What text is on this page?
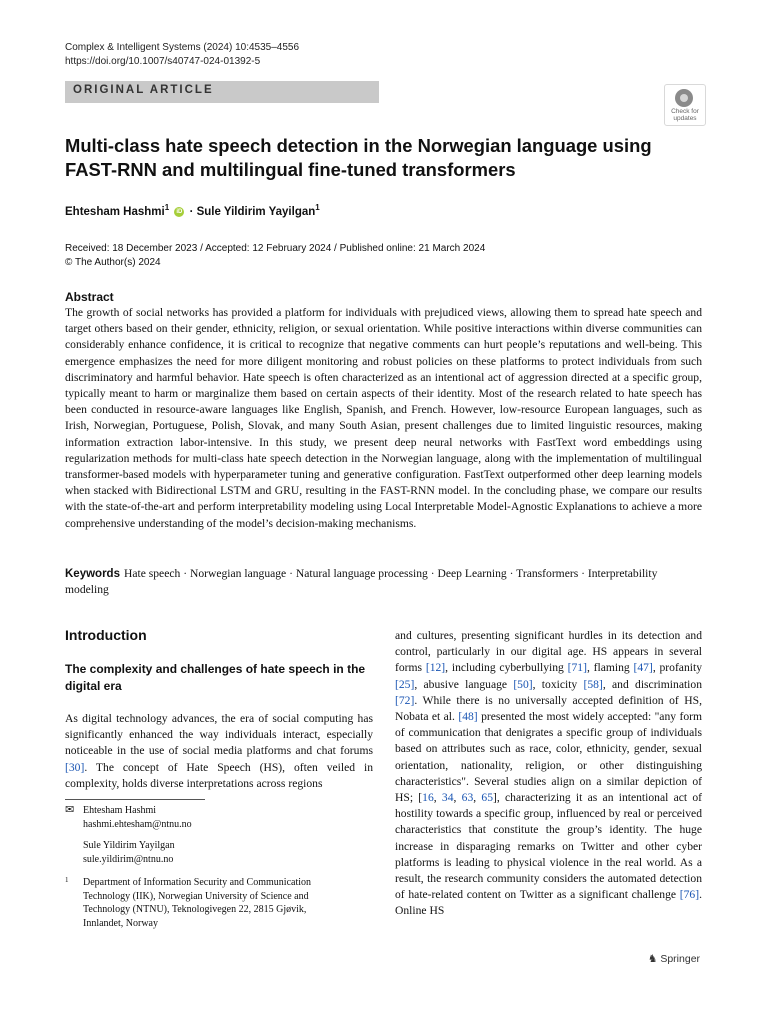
Complex & Intelligent Systems (2024) 10:4535–4556
https://doi.org/10.1007/s40747-024-01392-5
ORIGINAL ARTICLE
Check for
updates
Multi-class hate speech detection in the Norwegian language using FAST-RNN and multilingual fine-tuned transformers
Ehtesham Hashmi$^1$ iD · Sule Yildirim Yayilgan$^1$
Received: 18 December 2023 / Accepted: 12 February 2024 / Published online: 21 March 2024
© The Author(s) 2024
Abstract
The growth of social networks has provided a platform for individuals with prejudiced views, allowing them to spread hate speech and target others based on their gender, ethnicity, religion, or sexual orientation. While positive interactions within diverse communities can considerably enhance confidence, it is critical to recognize that negative comments can hurt people’s reputations and well-being. This emergence emphasizes the need for more diligent monitoring and robust policies on these platforms to protect individuals from such discriminatory and harmful behavior. Hate speech is often characterized as an intentional act of aggression directed at a specific group, typically meant to harm or marginalize them based on certain aspects of their identity. Most of the research related to hate speech has been conducted in resource-aware languages like English, Spanish, and French. However, low-resource European languages, such as Irish, Norwegian, Portuguese, Polish, Slovak, and many South Asian, present challenges due to limited linguistic resources, making information extraction labor-intensive. In this study, we present deep neural networks with FastText word embeddings using regularization methods for multi-class hate speech detection in the Norwegian language, along with the implementation of multilingual transformer-based models with hyperparameter tuning and generative configuration. FastText outperformed other deep learning models when stacked with Bidirectional LSTM and GRU, resulting in the FAST-RNN model. In the concluding phase, we compare our results with the state-of-the-art and perform interpretability modeling using Local Interpretable Model-Agnostic Explanations to achieve a more comprehensive understanding of the model’s decision-making mechanisms.
Keywords Hate speech · Norwegian language · Natural language processing · Deep Learning · Transformers · Interpretability modeling
Introduction
The complexity and challenges of hate speech in the digital era
As digital technology advances, the era of social computing has significantly enhanced the way individuals interact, especially noticeable in the use of social media platforms and chat forums [30]. The concept of Hate Speech (HS), often veiled in complexity, holds diverse interpretations across regions
and cultures, presenting significant hurdles in its detection and control, particularly in our digital age. HS appears in several forms [12], including cyberbullying [71], flaming [47], profanity [25], abusive language [50], toxicity [58], and discrimination [72]. While there is no universally accepted definition of HS, Nobata et al. [48] presented the most widely accepted: "any form of communication that denigrates a specific group of individuals based on attributes such as race, color, ethnicity, gender, sexual orientation, nationality, religion, or other distinguishing characteristics". Several studies align on a similar depiction of HS; [16, 34, 63, 65], characterizing it as an intentional act of hostility towards a specific group, influenced by real or perceived characteristics that constitute the group’s identity. The huge increase in disparaging remarks on Twitter and other cyber platforms is leading to physical violence in the real world. As a result, the research community considers the automated detection of hate-related content on Twitter as a significant challenge [76]. Online HS
✉ Ehtesham Hashmi
hashmi.ehtesham@ntnu.no
Sule Yildirim Yayilgan
sule.yildirim@ntnu.no
1 Department of Information Security and Communication Technology (IIK), Norwegian University of Science and Technology (NTNU), Teknologivegen 22, 2815 Gjøvik, Innlandet, Norway
♞ Springer
